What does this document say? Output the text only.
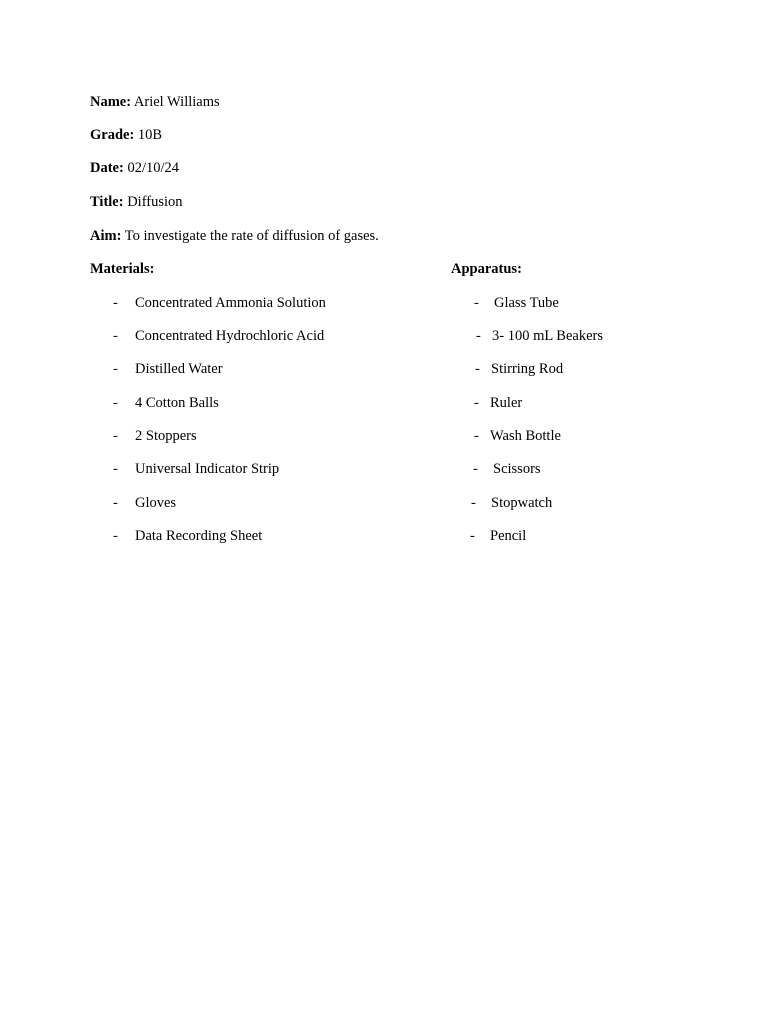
Name: Ariel Williams
Grade: 10B
Date: 02/10/24
Title: Diffusion
Aim: To investigate the rate of diffusion of gases.
Materials:	Apparatus:
- Concentrated Ammonia Solution
- Concentrated Hydrochloric Acid
- Distilled Water
- 4 Cotton Balls
- 2 Stoppers
- Universal Indicator Strip
- Gloves
- Data Recording Sheet
- Glass Tube
- 3- 100 mL Beakers
- Stirring Rod
- Ruler
- Wash Bottle
- Scissors
- Stopwatch
- Pencil
